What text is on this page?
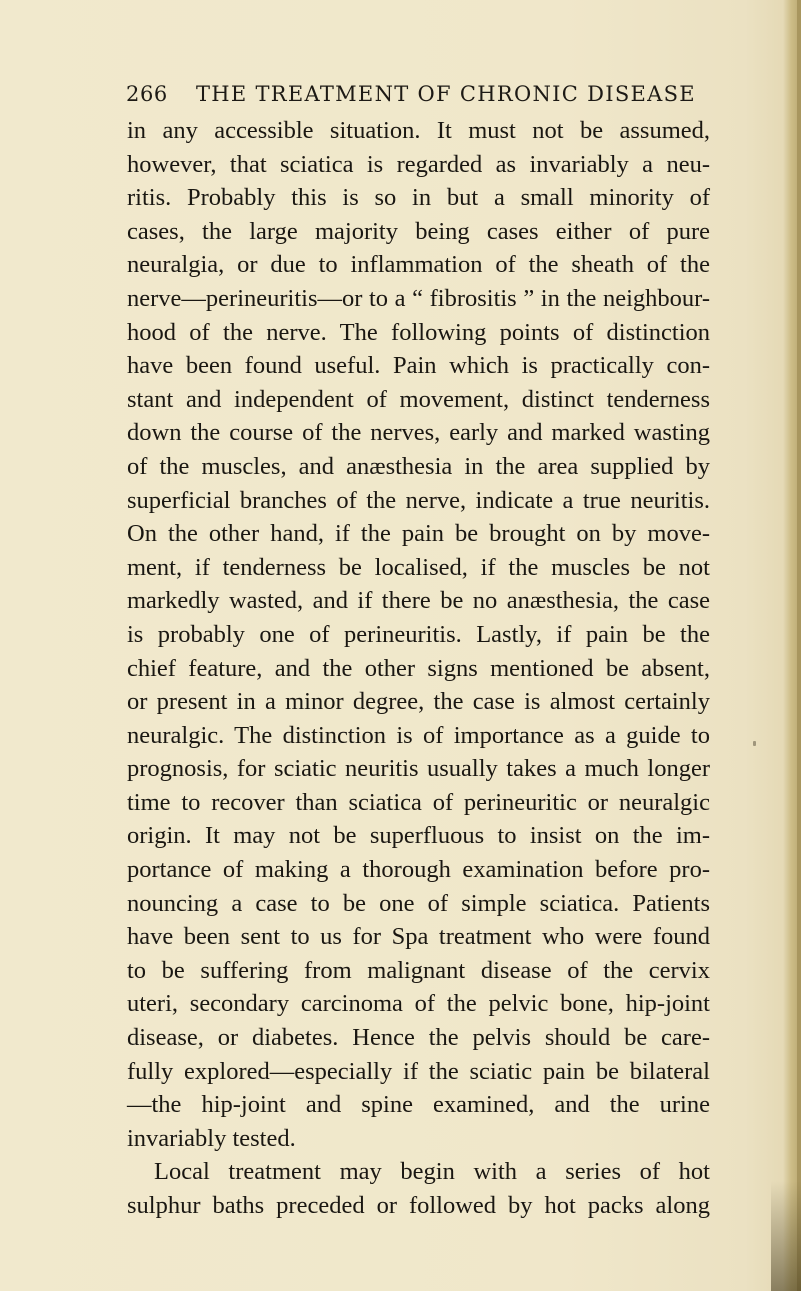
266	THE TREATMENT OF CHRONIC DISEASE
in any accessible situation. It must not be assumed,
however, that sciatica is regarded as invariably a neu-
ritis. Probably this is so in but a small minority of
cases, the large majority being cases either of pure
neuralgia, or due to inflammation of the sheath of the
nerve—perineuritis—or to a “ fibrositis ” in the neighbour-
hood of the nerve. The following points of distinction
have been found useful. Pain which is practically con-
stant and independent of movement, distinct tenderness
down the course of the nerves, early and marked wasting
of the muscles, and anæsthesia in the area supplied by
superficial branches of the nerve, indicate a true neuritis.
On the other hand, if the pain be brought on by move-
ment, if tenderness be localised, if the muscles be not
markedly wasted, and if there be no anæsthesia, the case
is probably one of perineuritis. Lastly, if pain be the
chief feature, and the other signs mentioned be absent,
or present in a minor degree, the case is almost certainly
neuralgic. The distinction is of importance as a guide to
prognosis, for sciatic neuritis usually takes a much longer
time to recover than sciatica of perineuritic or neuralgic
origin. It may not be superfluous to insist on the im-
portance of making a thorough examination before pro-
nouncing a case to be one of simple sciatica. Patients
have been sent to us for Spa treatment who were found
to be suffering from malignant disease of the cervix
uteri, secondary carcinoma of the pelvic bone, hip-joint
disease, or diabetes. Hence the pelvis should be care-
fully explored—especially if the sciatic pain be bilateral
—the hip-joint and spine examined, and the urine
invariably tested.
Local treatment may begin with a series of hot
sulphur baths preceded or followed by hot packs along
